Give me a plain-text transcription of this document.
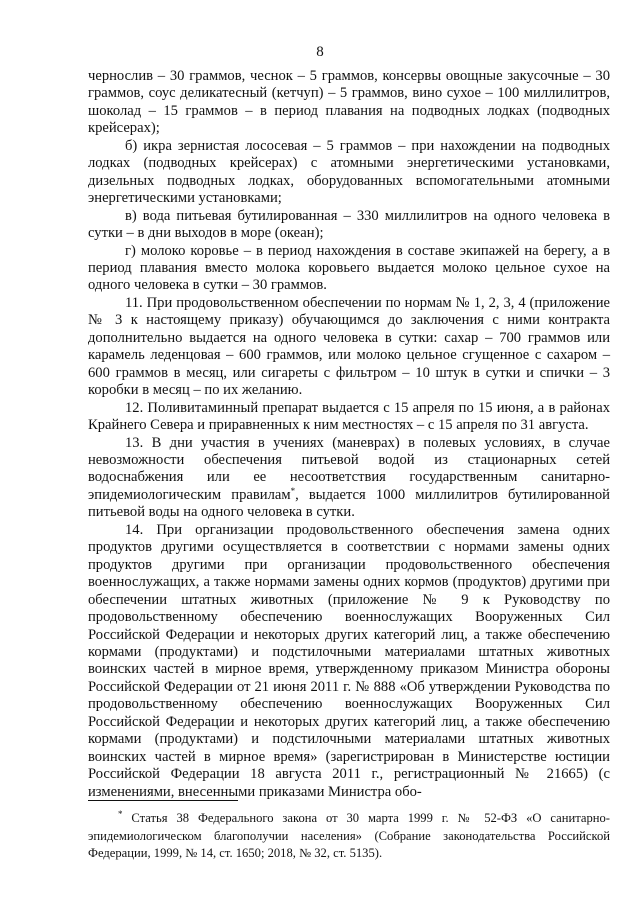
8

чернослив – 30 граммов, чеснок – 5 граммов, консервы овощные закусочные – 30 граммов, соус деликатесный (кетчуп) – 5 граммов, вино сухое – 100 миллилитров, шоколад – 15 граммов – в период плавания на подводных лодках (подводных крейсерах);

б) икра зернистая лососевая – 5 граммов – при нахождении на подводных лодках (подводных крейсерах) с атомными энергетическими установками, дизельных подводных лодках, оборудованных вспомогательными атомными энергетическими установками;

в) вода питьевая бутилированная – 330 миллилитров на одного человека в сутки – в дни выходов в море (океан);

г) молоко коровье – в период нахождения в составе экипажей на берегу, а в период плавания вместо молока коровьего выдается молоко цельное сухое на одного человека в сутки – 30 граммов.

11. При продовольственном обеспечении по нормам № 1, 2, 3, 4 (приложение № 3 к настоящему приказу) обучающимся до заключения с ними контракта дополнительно выдается на одного человека в сутки: сахар – 700 граммов или карамель леденцовая – 600 граммов, или молоко цельное сгущенное с сахаром – 600 граммов в месяц, или сигареты с фильтром – 10 штук в сутки и спички – 3 коробки в месяц – по их желанию.

12. Поливитаминный препарат выдается с 15 апреля по 15 июня, а в районах Крайнего Севера и приравненных к ним местностях – с 15 апреля по 31 августа.

13. В дни участия в учениях (маневрах) в полевых условиях, в случае невозможности обеспечения питьевой водой из стационарных сетей водоснабжения или ее несоответствия государственным санитарно-эпидемиологическим правилам*, выдается 1000 миллилитров бутилированной питьевой воды на одного человека в сутки.

14. При организации продовольственного обеспечения замена одних продуктов другими осуществляется в соответствии с нормами замены одних продуктов другими при организации продовольственного обеспечения военнослужащих, а также нормами замены одних кормов (продуктов) другими при обеспечении штатных животных (приложение № 9 к Руководству по продовольственному обеспечению военнослужащих Вооруженных Сил Российской Федерации и некоторых других категорий лиц, а также обеспечению кормами (продуктами) и подстилочными материалами штатных животных воинских частей в мирное время, утвержденному приказом Министра обороны Российской Федерации от 21 июня 2011 г. № 888 «Об утверждении Руководства по продовольственному обеспечению военнослужащих Вооруженных Сил Российской Федерации и некоторых других категорий лиц, а также обеспечению кормами (продуктами) и подстилочными материалами штатных животных воинских частей в мирное время» (зарегистрирован в Министерстве юстиции Российской Федерации 18 августа 2011 г., регистрационный № 21665) (с изменениями, внесенными приказами Министра обо-

* Статья 38 Федерального закона от 30 марта 1999 г. № 52-ФЗ «О санитарно-эпидемиологическом благополучии населения» (Собрание законодательства Российской Федерации, 1999, № 14, ст. 1650; 2018, № 32, ст. 5135).
